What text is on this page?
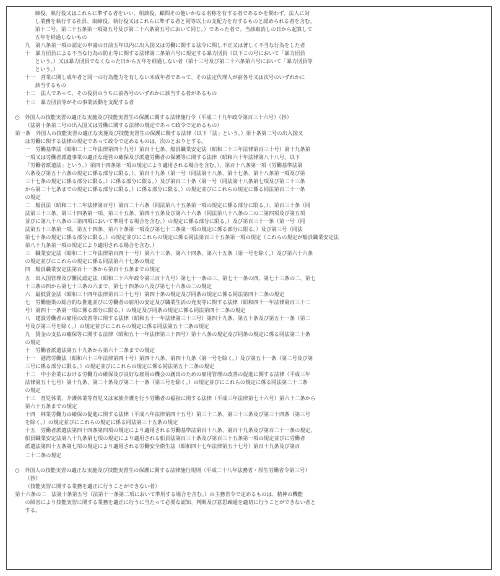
締役、執行役又はこれらに準ずる者をいい、相談役、顧問その他いかなる名称を有する者であるかを問わず、法人に対
し業務を執行する社員、取締役、執行役又はこれらに準ずる者と同等以上の支配力を有するものと認められる者を含む。
第十二号、第二十五条第一項第五号及び第二十六条第五号において同じ。）であった者で、当該取消しの日から起算して
五年を経過しないもの
九　第八条第一項の認定の申請の日前五年以内に出入国又は労働に関する法令に関し不正又は著しく不当な行為をした者
十　暴力団員による不当な行為の防止等に関する法律第二条第六号に規定する暴力団員（以下この号において「暴力団員
という。）又は暴力団員でなくなった日から五年を経過しない者（第十三号及び第二十六条第六号において「暴力団員等
という。）
十一　営業に関し成年者と同一の行為能力を有しない未成年者であって、その法定代理人が前各号又は次号のいずれかに
該当するもの
十二　法人であって、その役員のうちに前各号のいずれかに該当する者があるもの
十三　暴力団員等がその事業活動を支配する者
○　外国人の技能実習の適正な実施及び技能実習生の保護に関する法律施行令（平成二十九年政令第百三十六号）（抄）
（法第十条第二号の出入国又は労働に関する法律の規定であって政令で定めるもの）
第一条　外国人の技能実習の適正な実施及び技能実習生の保護に関する法律（以下「法」という。）第十条第二号の出入国又
は労働に関する法律の規定であって政令で定めるものは、次のとおりとする。
一　労働基準法（昭和二十二年法律第四十九号）第百十七条、船員職業安定法（昭和二十三年法律第百三十号）第十九条第
一項又は労働者派遣事業の適正な運営の確保及び派遣労働者の保護等に関する法律（昭和六十年法律第八十八号。以下
「労働者派遣法」という。）第四十四条第一項の規定により適用される場合を含む。）、第百十八条第一項（労働基準法第
六条及び第五十六条の規定に係る部分に限る。）、第百十九条（第一号（同法第十八条、第十七条、第十八条第一項及び第
三十七条の規定に係る部分に限る。）に係る部分に限る。）及び第百二十条（第一号（同法第十八条第七項及び第二十三条
から第二十七条までの規定に係る部分に限る。）に係る部分に限る。）の規定並びにこれらの規定に係る同法第百二十一条
の規定
二　船員法（昭和二十二年法律第百号）第百二十六条（同法第八十五条第一項の規定に係る部分に限る。）、第百三十条（同
法第三十三条、第三十四条第一項、第三十五条、第四十五条及び第六十六条（同法第八十八条の二の二第四項及び第五項
並びに第八十八条の三第四項において準用する場合を含む。）の規定に係る部分に限る。）及び第百三十一条（第一号（同
法第五十三条第一項、第五十四条、第六十条第一項及び第七十二条第一項の規定に係る部分に限る。）及び第三号（同法
第七十条の規定に係る部分に限る。）の規定並びにこれらの規定に係る同法第百三十五条第一項の規定（これらの規定が船員職業安定法
第八十九条第一項の規定により適用される場合を含む。）
三　職業安定法（昭和二十二年法律第百四十一号）第六十三条、第六十四条、第六十五条（第一号を除く。）及び第六十六条
の規定並びにこれらの規定に係る同法第六十七条の規定
四　船員職業安定法第百十一条から第百十五条までの規定
五　出入国管理及び難民認定法（昭和二十六年政令第三百十九号）第七十一条の三、第七十一条の四、第七十三条の二、第七
十三条の四から第七十三条の六まで、第七十四条の八及び第七十六条の二の規定
六　最低賃金法（昭和三十四年法律第百三十七号）第四十条の規定及び同条の規定に係る同法第四十二条の規定
七　労働施策の総合的な推進並びに労働者の雇用の安定及び職業生活の充実等に関する法律（昭和四十一年法律第百三十二
号）第四十一条第一項に係る部分に限る。）の規定及び同条の規定に係る同法第四十二条の規定
八　建設労働者の雇用の改善等に関する法律（昭和五十一年法律第三十三号）第四十九条、第五十条及び第五十一条（第二
号及び第三号を除く。）の規定並びにこれらの規定に係る同法第五十二条の規定
九　賃金の支払の確保等に関する法律（昭和五十一年法律第三十四号）第十八条の規定及び同条の規定に係る同法第二十条
の規定
十　労働者派遣法第五十九条から第六十二条までの規定
十一　港湾労働法（昭和六十三年法律第四十号）第四十八条、第四十九条（第一号を除く。）及び第五十一条（第二号及び第
三号に係る部分に限る。）の規定並びにこれらの規定に係る同法第五十二条の規定
十二　中小企業における労働力の確保及び良好な雇用の機会の創出のための雇用管理の改善の促進に関する法律（平成三年
法律第五十七号）第十九条、第二十条及び第二十一条（第三号を除く。）の規定並びにこれらの規定に係る同法第二十二条
の規定
十三　育児休業、介護休業等育児又は家族介護を行う労働者の福祉に関する法律（平成三年法律第七十六号）第六十二条から
第六十五条までの規定
十四　林業労働力の確保の促進に関する法律（平成八年法律第四十五号）第三十二条、第三十三条及び第三十四条（第三号
を除く。）の規定並びにこれらの規定に係る同法第三十五条の規定
十五　労働者派遣法第四十四条第四項の規定により適用される労働基準法第百十八条、第百十九条及び第百二十一条の規定、
船員職業安定法第八十九条第七項の規定により適用される船員法第百三十条及び第百三十五条第一項の規定並びに労働者
派遣法第四十五条第七項の規定により適用される労働安全衛生法（昭和四十七年法律第五十七号）第百十九条及び第百
二十二条の規定
○　外国人の技能実習の適正な実施及び技能実習生の保護に関する法律施行規則（平成二十八年法務省・厚生労働省令第三号）
（抄）
（技能実習に関する業務を適正に行うことができない者）
第十六条の二　法第十条第五号（法第十一条第二項において準用する場合を含む。）の主務省令で定めるものは、精神の機能
の障害により技能実習に関する業務を適正に行うに当たって必要な認知、判断及び意思疎通を適切に行うことができない者と
する。
